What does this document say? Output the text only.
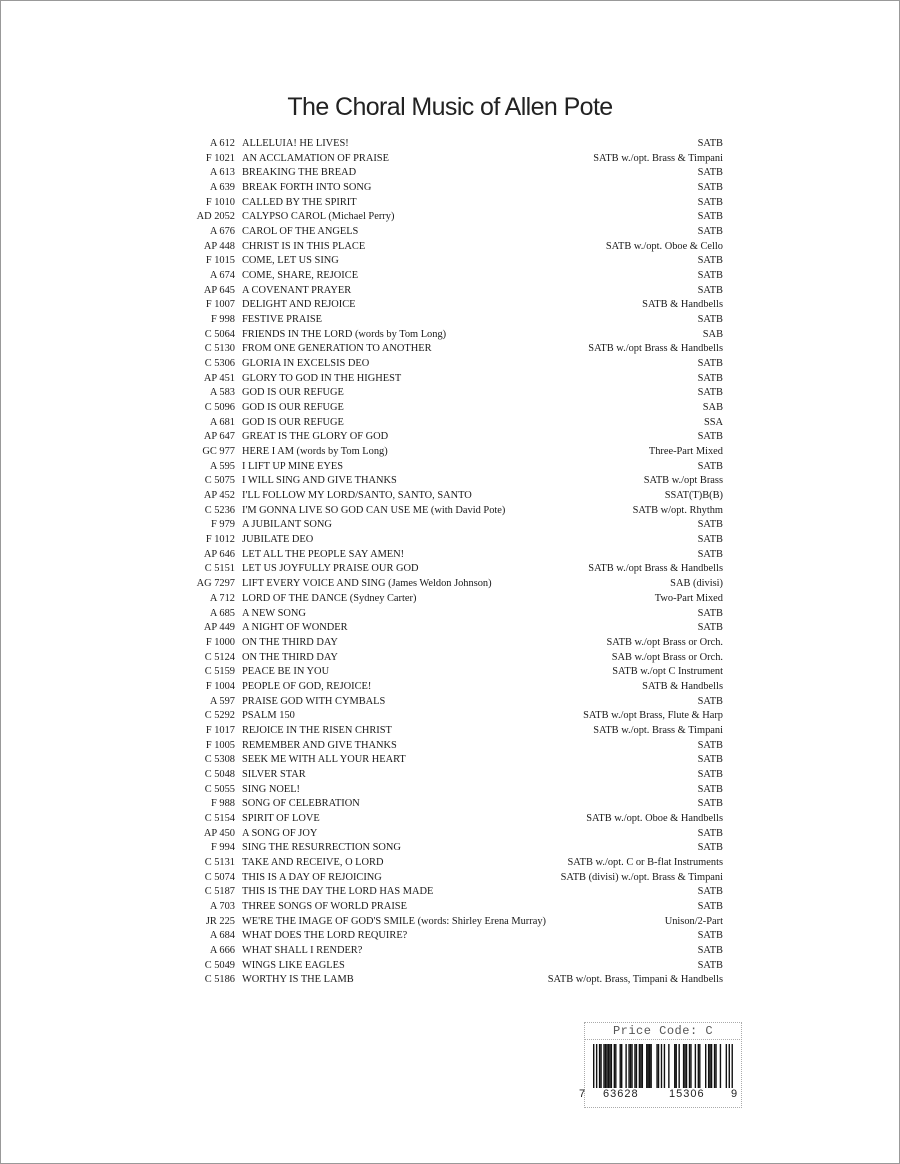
The Choral Music of Allen Pote
A 612 ALLELUIA! HE LIVES!	SATB
F 1021 AN ACCLAMATION OF PRAISE	SATB w./opt. Brass & Timpani
A 613 BREAKING THE BREAD	SATB
A 639 BREAK FORTH INTO SONG	SATB
F 1010 CALLED BY THE SPIRIT	SATB
AD 2052 CALYPSO CAROL (Michael Perry)	SATB
A 676 CAROL OF THE ANGELS	SATB
AP 448 CHRIST IS IN THIS PLACE	SATB w./opt. Oboe & Cello
F 1015 COME, LET US SING	SATB
A 674 COME, SHARE, REJOICE	SATB
AP 645 A COVENANT PRAYER	SATB
F 1007 DELIGHT AND REJOICE	SATB & Handbells
F 998 FESTIVE PRAISE	SATB
C 5064 FRIENDS IN THE LORD (words by Tom Long)	SAB
C 5130 FROM ONE GENERATION TO ANOTHER	SATB w./opt Brass & Handbells
C 5306 GLORIA IN EXCELSIS DEO	SATB
AP 451 GLORY TO GOD IN THE HIGHEST	SATB
A 583 GOD IS OUR REFUGE	SATB
C 5096 GOD IS OUR REFUGE	SAB
A 681 GOD IS OUR REFUGE	SSA
AP 647 GREAT IS THE GLORY OF GOD	SATB
GC 977 HERE I AM (words by Tom Long)	Three-Part Mixed
A 595 I LIFT UP MINE EYES	SATB
C 5075 I WILL SING AND GIVE THANKS	SATB w./opt Brass
AP 452 I'LL FOLLOW MY LORD/SANTO, SANTO, SANTO	SSAT(T)B(B)
C 5236 I'M GONNA LIVE SO GOD CAN USE ME (with David Pote)	SATB w/opt. Rhythm
F 979 A JUBILANT SONG	SATB
F 1012 JUBILATE DEO	SATB
AP 646 LET ALL THE PEOPLE SAY AMEN!	SATB
C 5151 LET US JOYFULLY PRAISE OUR GOD	SATB w./opt Brass & Handbells
AG 7297 LIFT EVERY VOICE AND SING (James Weldon Johnson)	SAB (divisi)
A 712 LORD OF THE DANCE (Sydney Carter)	Two-Part Mixed
A 685 A NEW SONG	SATB
AP 449 A NIGHT OF WONDER	SATB
F 1000 ON THE THIRD DAY	SATB w./opt Brass or Orch.
C 5124 ON THE THIRD DAY	SAB w./opt Brass or Orch.
C 5159 PEACE BE IN YOU	SATB w./opt C Instrument
F 1004 PEOPLE OF GOD, REJOICE!	SATB & Handbells
A 597 PRAISE GOD WITH CYMBALS	SATB
C 5292 PSALM 150	SATB w./opt Brass, Flute & Harp
F 1017 REJOICE IN THE RISEN CHRIST	SATB w./opt. Brass & Timpani
F 1005 REMEMBER AND GIVE THANKS	SATB
C 5308 SEEK ME WITH ALL YOUR HEART	SATB
C 5048 SILVER STAR	SATB
C 5055 SING NOEL!	SATB
F 988 SONG OF CELEBRATION	SATB
C 5154 SPIRIT OF LOVE	SATB w./opt. Oboe & Handbells
AP 450 A SONG OF JOY	SATB
F 994 SING THE RESURRECTION SONG	SATB
C 5131 TAKE AND RECEIVE, O LORD	SATB w./opt. C or B-flat Instruments
C 5074 THIS IS A DAY OF REJOICING	SATB (divisi) w./opt. Brass & Timpani
C 5187 THIS IS THE DAY THE LORD HAS MADE	SATB
A 703 THREE SONGS OF WORLD PRAISE	SATB
JR 225 WE'RE THE IMAGE OF GOD'S SMILE (words: Shirley Erena Murray)	Unison/2-Part
A 684 WHAT DOES THE LORD REQUIRE?	SATB
A 666 WHAT SHALL I RENDER?	SATB
C 5049 WINGS LIKE EAGLES	SATB
C 5186 WORTHY IS THE LAMB	SATB w/opt. Brass, Timpani & Handbells
Price Code: C
7 63628	15306 9
